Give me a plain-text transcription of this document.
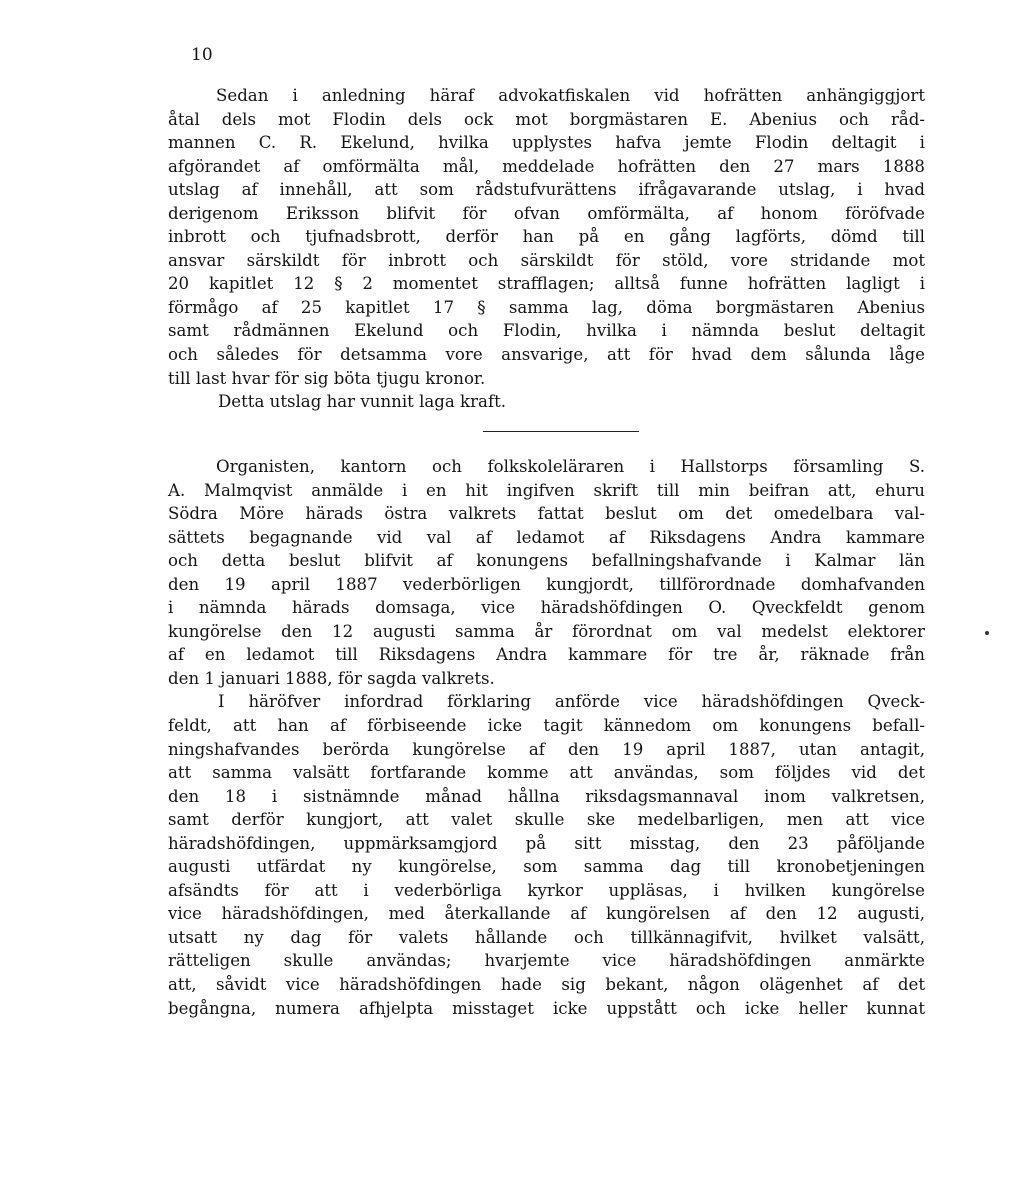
10
Sedan i anledning häraf advokatfiskalen vid hofrätten anhängiggjort
åtal dels mot Flodin dels ock mot borgmästaren E. Abenius och råd-
mannen C. R. Ekelund, hvilka upplystes hafva jemte Flodin deltagit i
afgörandet af omförmälta mål, meddelade hofrätten den 27 mars 1888
utslag af innehåll, att som rådstufvurättens ifrågavarande utslag, i hvad
derigenom Eriksson blifvit för ofvan omförmälta, af honom föröfvade
inbrott och tjufnadsbrott, derför han på en gång lagförts, dömd till
ansvar särskildt för inbrott och särskildt för stöld, vore stridande mot
20 kapitlet 12 § 2 momentet strafflagen; alltså funne hofrätten lagligt i
förmågo af 25 kapitlet 17 § samma lag, döma borgmästaren Abenius
samt rådmännen Ekelund och Flodin, hvilka i nämnda beslut deltagit
och således för detsamma vore ansvarige, att för hvad dem sålunda låge
till last hvar för sig böta tjugu kronor.
Detta utslag har vunnit laga kraft.
Organisten, kantorn och folkskoleläraren i Hallstorps församling S.
A. Malmqvist anmälde i en hit ingifven skrift till min beifran att, ehuru
Södra Möre härads östra valkrets fattat beslut om det omedelbara val-
sättets begagnande vid val af ledamot af Riksdagens Andra kammare
och detta beslut blifvit af konungens befallningshafvande i Kalmar län
den 19 april 1887 vederbörligen kungjordt, tillförordnade domhafvanden
i nämnda härads domsaga, vice häradshöfdingen O. Qveckfeldt genom
kungörelse den 12 augusti samma år förordnat om val medelst elektorer
af en ledamot till Riksdagens Andra kammare för tre år, räknade från
den 1 januari 1888, för sagda valkrets.
I häröfver infordrad förklaring anförde vice häradshöfdingen Qveck-
feldt, att han af förbiseende icke tagit kännedom om konungens befall-
ningshafvandes berörda kungörelse af den 19 april 1887, utan antagit,
att samma valsätt fortfarande komme att användas, som följdes vid det
den 18 i sistnämnde månad hållna riksdagsmannaval inom valkretsen,
samt derför kungjort, att valet skulle ske medelbarligen, men att vice
häradshöfdingen, uppmärksamgjord på sitt misstag, den 23 påföljande
augusti utfärdat ny kungörelse, som samma dag till kronobetjeningen
afsändts för att i vederbörliga kyrkor uppläsas, i hvilken kungörelse
vice häradshöfdingen, med återkallande af kungörelsen af den 12 augusti,
utsatt ny dag för valets hållande och tillkännagifvit, hvilket valsätt,
rätteligen skulle användas; hvarjemte vice häradshöfdingen anmärkte
att, såvidt vice häradshöfdingen hade sig bekant, någon olägenhet af det
begångna, numera afhjelpta misstaget icke uppstått och icke heller kunnat
